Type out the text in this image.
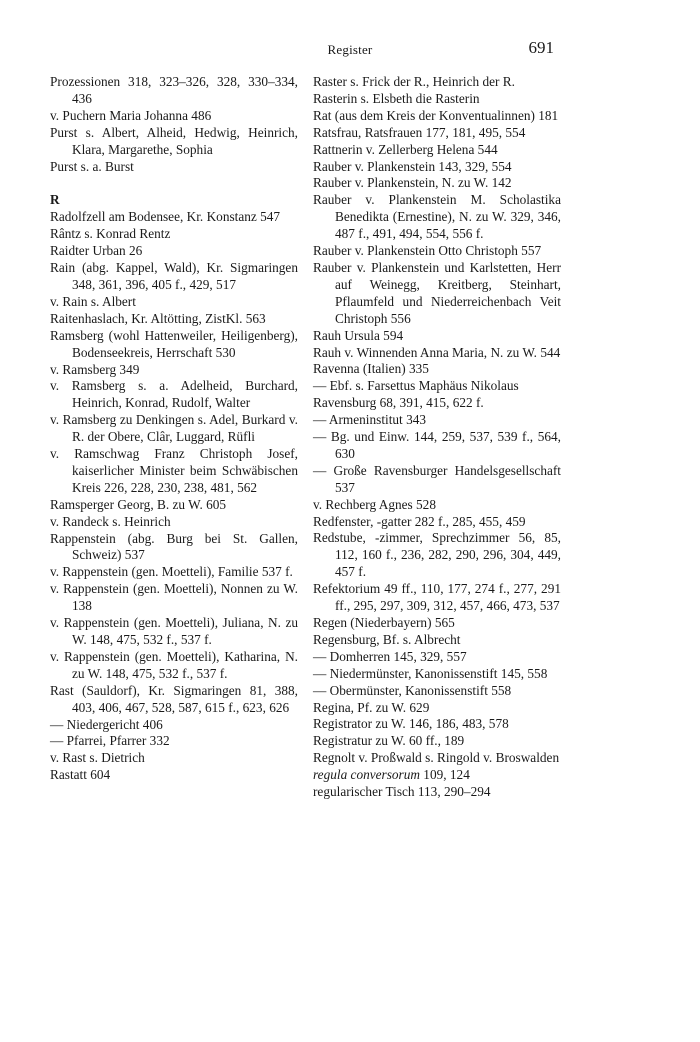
Register	691
Prozessionen 318, 323–326, 328, 330–334, 436
v. Puchern Maria Johanna 486
Purst s. Albert, Alheid, Hedwig, Heinrich, Klara, Margarethe, Sophia
Purst s. a. Burst
R
Radolfzell am Bodensee, Kr. Konstanz 547
Rântz s. Konrad Rentz
Raidter Urban 26
Rain (abg. Kappel, Wald), Kr. Sigmaringen 348, 361, 396, 405 f., 429, 517
v. Rain s. Albert
Raitenhaslach, Kr. Altötting, ZistKl. 563
Ramsberg (wohl Hattenweiler, Heiligenberg), Bodenseekreis, Herrschaft 530
v. Ramsberg 349
v. Ramsberg s. a. Adelheid, Burchard, Heinrich, Konrad, Rudolf, Walter
v. Ramsberg zu Denkingen s. Adel, Burkard v. R. der Obere, Clâr, Luggard, Rüfli
v. Ramschwag Franz Christoph Josef, kaiserlicher Minister beim Schwäbischen Kreis 226, 228, 230, 238, 481, 562
Ramsperger Georg, B. zu W. 605
v. Randeck s. Heinrich
Rappenstein (abg. Burg bei St. Gallen, Schweiz) 537
v. Rappenstein (gen. Moetteli), Familie 537 f.
v. Rappenstein (gen. Moetteli), Nonnen zu W. 138
v. Rappenstein (gen. Moetteli), Juliana, N. zu W. 148, 475, 532 f., 537 f.
v. Rappenstein (gen. Moetteli), Katharina, N. zu W. 148, 475, 532 f., 537 f.
Rast (Sauldorf), Kr. Sigmaringen 81, 388, 403, 406, 467, 528, 587, 615 f., 623, 626
— Niedergericht 406
— Pfarrei, Pfarrer 332
v. Rast s. Dietrich
Rastatt 604
Raster s. Frick der R., Heinrich der R.
Rasterin s. Elsbeth die Rasterin
Rat (aus dem Kreis der Konventualinnen) 181
Ratsfrau, Ratsfrauen 177, 181, 495, 554
Rattnerin v. Zellerberg Helena 544
Rauber v. Plankenstein 143, 329, 554
Rauber v. Plankenstein, N. zu W. 142
Rauber v. Plankenstein M. Scholastika Benedikta (Ernestine), N. zu W. 329, 346, 487 f., 491, 494, 554, 556 f.
Rauber v. Plankenstein Otto Christoph 557
Rauber v. Plankenstein und Karlstetten, Herr auf Weinegg, Kreitberg, Steinhart, Pflaumfeld und Niederreichenbach Veit Christoph 556
Rauh Ursula 594
Rauh v. Winnenden Anna Maria, N. zu W. 544
Ravenna (Italien) 335
— Ebf. s. Farsettus Maphäus Nikolaus
Ravensburg 68, 391, 415, 622 f.
— Armeninstitut 343
— Bg. und Einw. 144, 259, 537, 539 f., 564, 630
— Große Ravensburger Handelsgesellschaft 537
v. Rechberg Agnes 528
Redfenster, -gatter 282 f., 285, 455, 459
Redstube, -zimmer, Sprechzimmer 56, 85, 112, 160 f., 236, 282, 290, 296, 304, 449, 457 f.
Refektorium 49 ff., 110, 177, 274 f., 277, 291 ff., 295, 297, 309, 312, 457, 466, 473, 537
Regen (Niederbayern) 565
Regensburg, Bf. s. Albrecht
— Domherren 145, 329, 557
— Niedermünster, Kanonissenstift 145, 558
— Obermünster, Kanonissenstift 558
Regina, Pf. zu W. 629
Registrator zu W. 146, 186, 483, 578
Registratur zu W. 60 ff., 189
Regnolt v. Proßwald s. Ringold v. Broswalden
regula conversorum 109, 124
regularischer Tisch 113, 290–294
